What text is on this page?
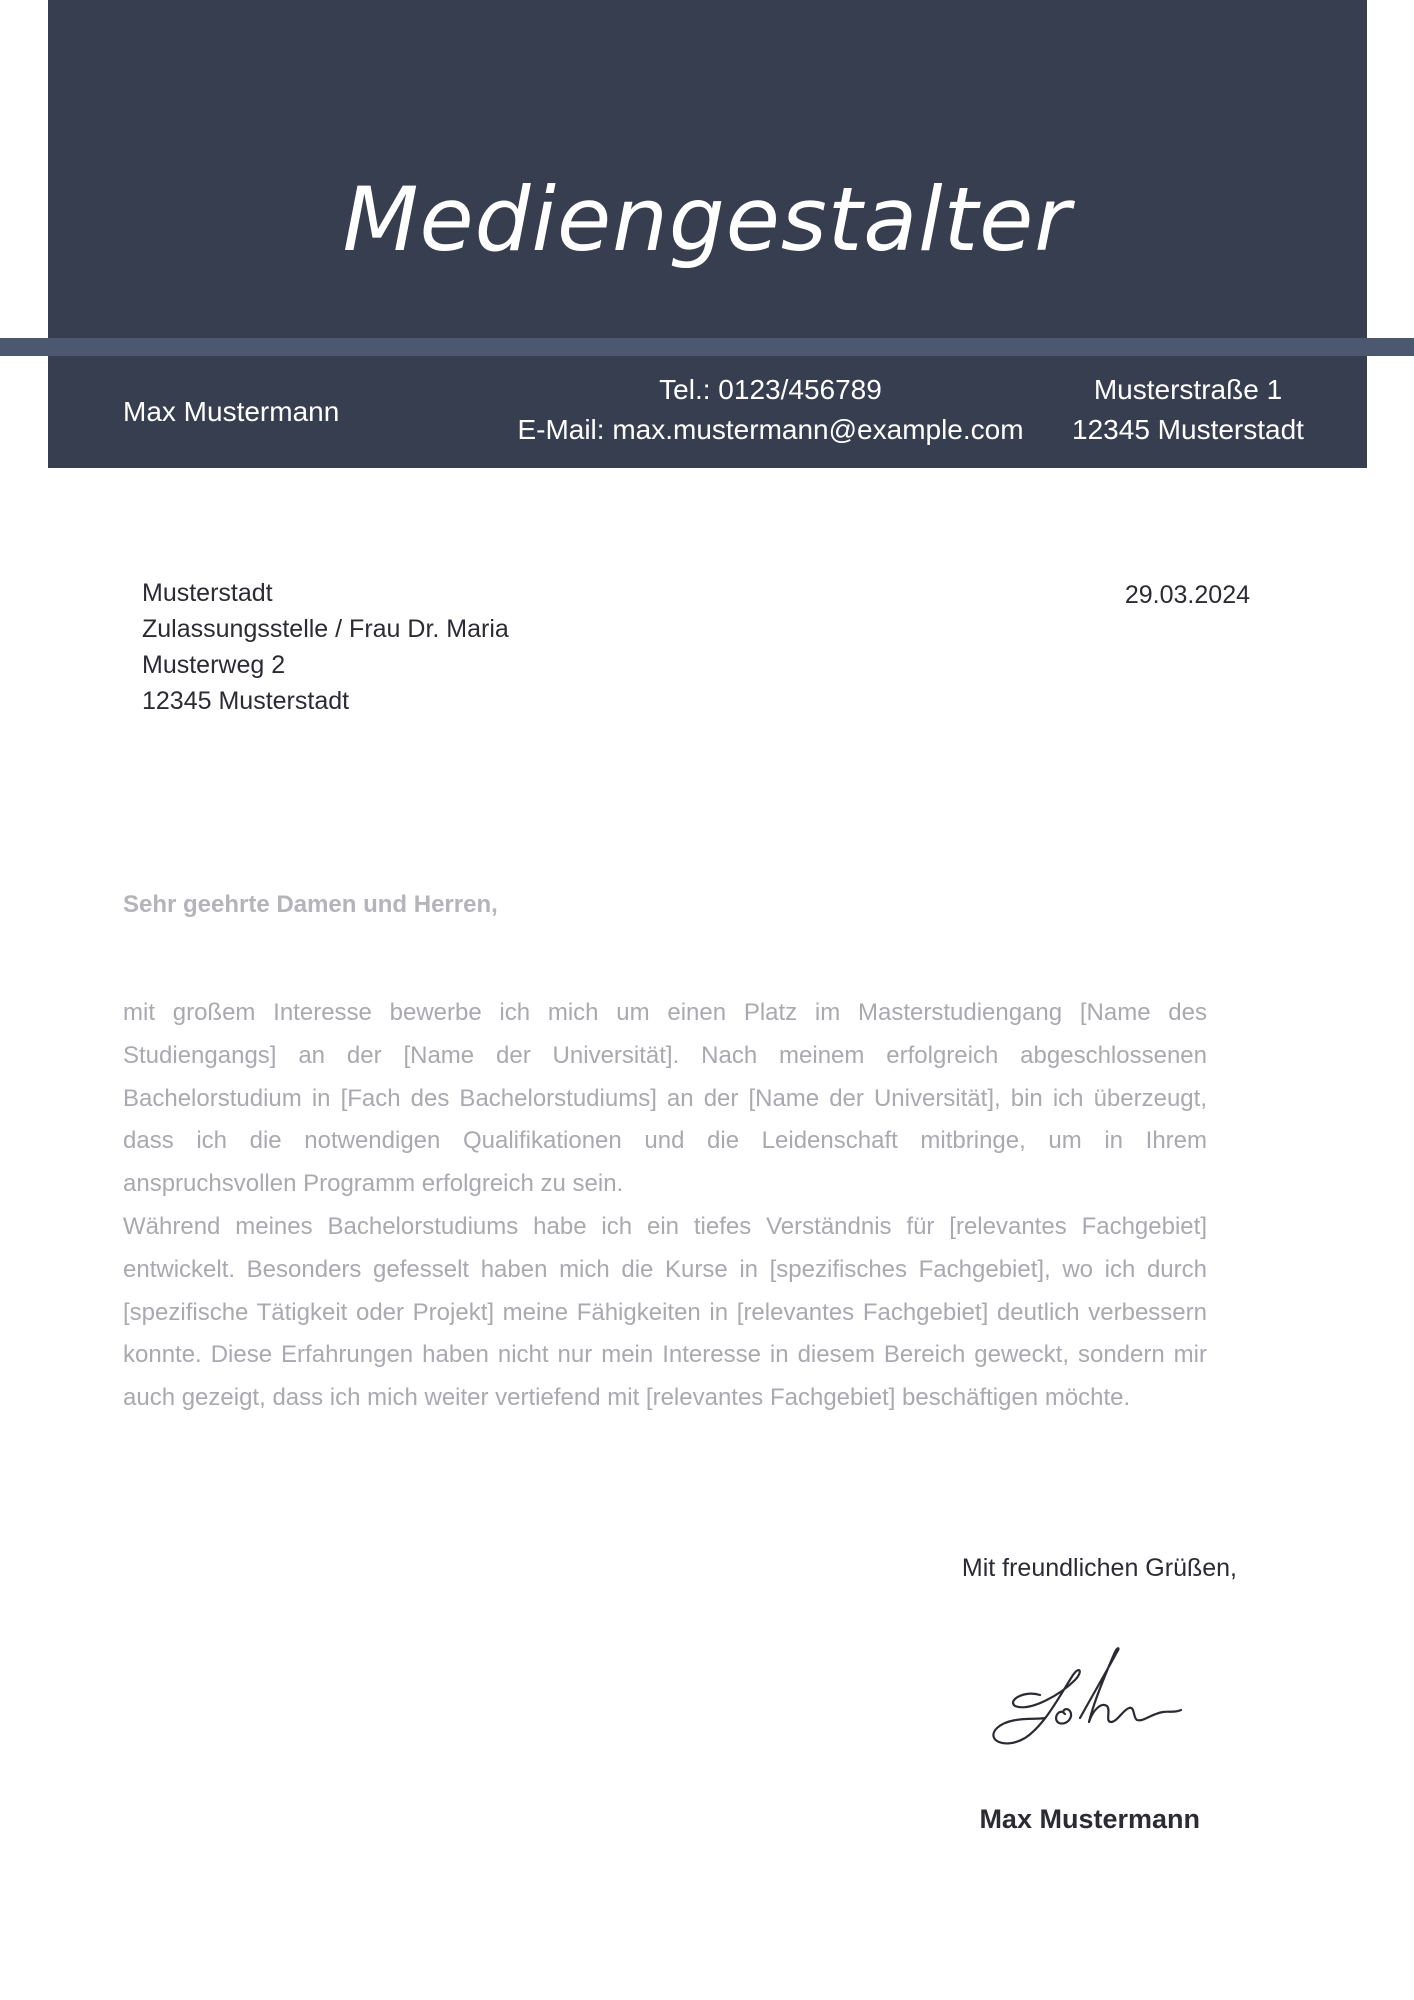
Mediengestalter
Max Mustermann
Tel.: 0123/456789
E-Mail: max.mustermann@example.com
Musterstraße 1
12345 Musterstadt
Musterstadt
Zulassungsstelle / Frau Dr. Maria
Musterweg 2
12345 Musterstadt
29.03.2024
Sehr geehrte Damen und Herren,

mit großem Interesse bewerbe ich mich um einen Platz im Masterstudiengang [Name des Studiengangs] an der [Name der Universität]. Nach meinem erfolgreich abgeschlossenen Bachelorstudium in [Fach des Bachelorstudiums] an der [Name der Universität], bin ich überzeugt, dass ich die notwendigen Qualifikationen und die Leidenschaft mitbringe, um in Ihrem anspruchsvollen Programm erfolgreich zu sein.

Während meines Bachelorstudiums habe ich ein tiefes Verständnis für [relevantes Fachgebiet] entwickelt. Besonders gefesselt haben mich die Kurse in [spezifisches Fachgebiet], wo ich durch [spezifische Tätigkeit oder Projekt] meine Fähigkeiten in [relevantes Fachgebiet] deutlich verbessern konnte. Diese Erfahrungen haben nicht nur mein Interesse in diesem Bereich geweckt, sondern mir auch gezeigt, dass ich mich weiter vertiefend mit [relevantes Fachgebiet] beschäftigen möchte.

Mit freundlichen Grüßen,
Max Mustermann
